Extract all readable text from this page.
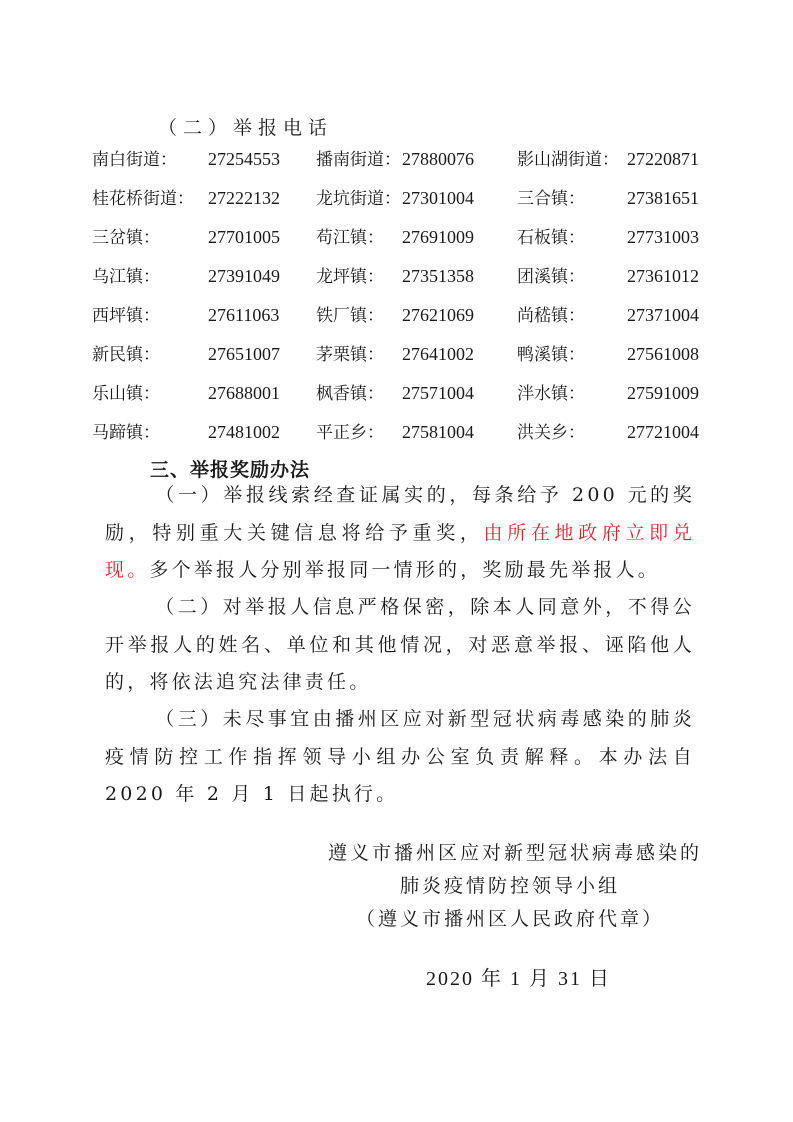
（二）举报电话
南白街道： 27254553 播南街道：27880076	影山湖街道： 27220871
桂花桥街道： 27222132 龙坑街道：27301004	三合镇： 27381651
三岔镇：	27701005 苟江镇： 27691009	石板镇： 27731003
乌江镇：	27391049 龙坪镇： 27351358	团溪镇： 27361012
西坪镇：	27611063 铁厂镇： 27621069	尚嵇镇： 27371004
新民镇：	27651007 茅栗镇： 27641002	鸭溪镇： 27561008
乐山镇：	27688001 枫香镇： 27571004	泮水镇： 27591009
马蹄镇：	27481002 平正乡： 27581004	洪关乡： 27721004
三、举报奖励办法
（一）举报线索经查证属实的，每条给予 200 元的奖励，特别重大关键信息将给予重奖，由所在地政府立即兑现。多个举报人分别举报同一情形的，奖励最先举报人。
（二）对举报人信息严格保密，除本人同意外，不得公开举报人的姓名、单位和其他情况，对恶意举报、诬陷他人的，将依法追究法律责任。
（三）未尽事宜由播州区应对新型冠状病毒感染的肺炎疫情防控工作指挥领导小组办公室负责解释。本办法自 2020 年 2 月 1 日起执行。
遵义市播州区应对新型冠状病毒感染的
肺炎疫情防控领导小组
（遵义市播州区人民政府代章）
2020 年 1 月 31 日
